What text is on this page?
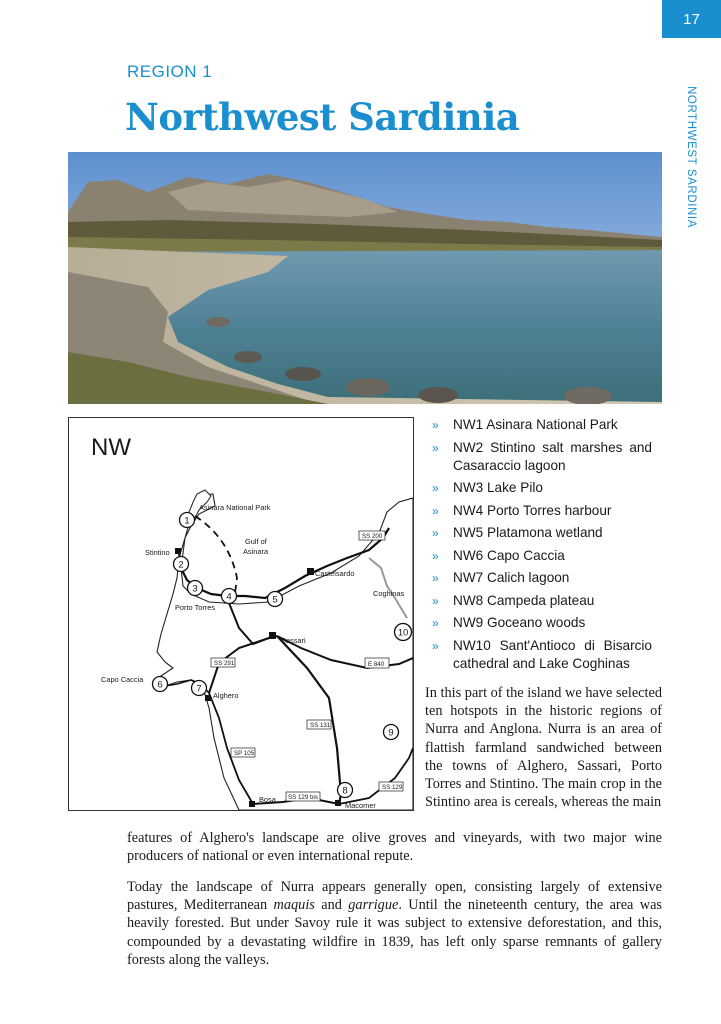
17
NORTHWEST SARDINIA
REGION 1
Northwest Sardinia
NW
Asinara National Park
Gulf of
Asinara
Stintino
Porto Torres
Castelsardo
Coghinas
Sassari
Capo Caccia
Alghero
Bosa
Macomer
SS 200
SS 291	E 840
SS 131
SP 105
SS 129 bis
SS 129
1
2
3
4	5
6	7
8
9
10
» NW1 Asinara National Park
» NW2 Stintino salt marshes and Casaraccio lagoon
» NW3 Lake Pilo
» NW4 Porto Torres harbour
» NW5 Platamona wetland
» NW6 Capo Caccia
» NW7 Calich lagoon
» NW8 Campeda plateau
» NW9 Goceano woods
» NW10 Sant'Antioco di Bisarcio cathedral and Lake Coghinas

In this part of the island we have selected ten hotspots in the historic regions of Nurra and Anglona. Nurra is an area of flattish farmland sandwiched between the towns of Alghero, Sassari, Porto Torres and Stintino. The main crop in the Stintino area is cereals, whereas the main

features of Alghero's landscape are olive groves and vineyards, with two major wine producers of national or even international repute.

Today the landscape of Nurra appears generally open, consisting largely of extensive pastures, Mediterranean maquis and garrigue. Until the nineteenth century, the area was heavily forested. But under Savoy rule it was subject to extensive deforestation, and this, compounded by a devastating wildfire in 1839, has left only sparse remnants of gallery forests along the valleys.
